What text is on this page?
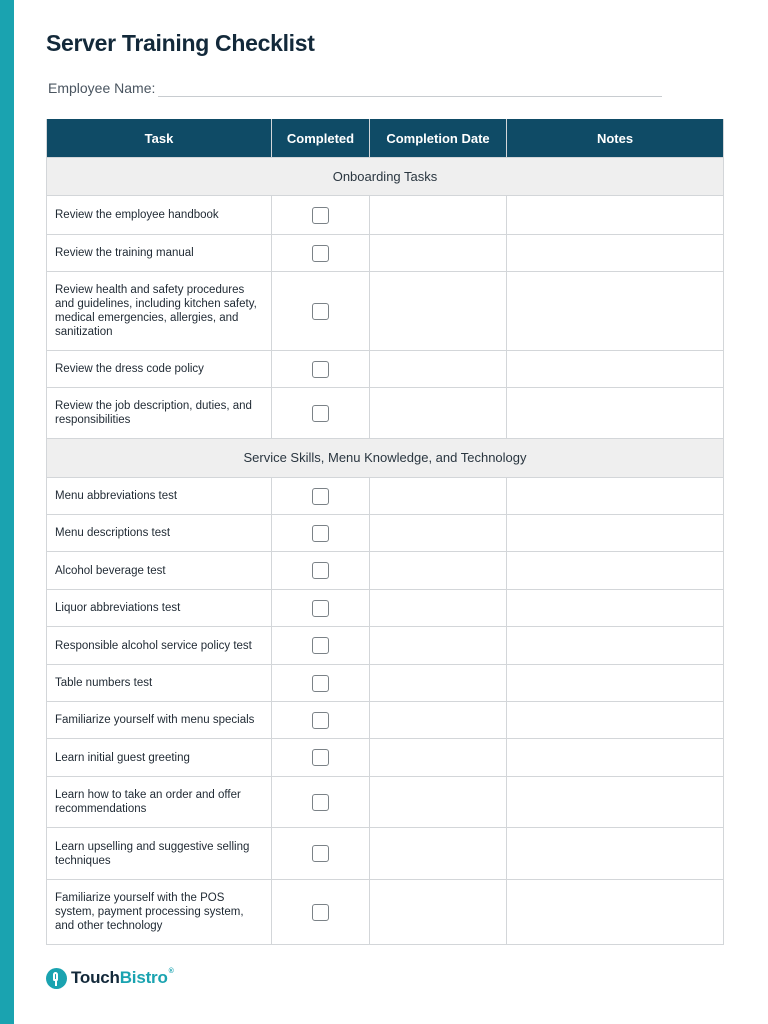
Server Training Checklist
Employee Name:
Task	Completed	Completion Date	Notes
Onboarding Tasks			
Review the employee handbook			
Review the training manual			
Review health and safety procedures and guidelines, including kitchen safety, medical emergencies, allergies, and sanitization			
Review the dress code policy			
Review the job description, duties, and responsibilities			
Service Skills, Menu Knowledge, and Technology			
Menu abbreviations test			
Menu descriptions test			
Alcohol beverage test			
Liquor abbreviations test			
Responsible alcohol service policy test			
Table numbers test			
Familiarize yourself with menu specials			
Learn initial guest greeting			
Learn how to take an order and offer recommendations			
Learn upselling and suggestive selling techniques			
Familiarize yourself with the POS system, payment processing system, and other technology			
TouchBistro®
